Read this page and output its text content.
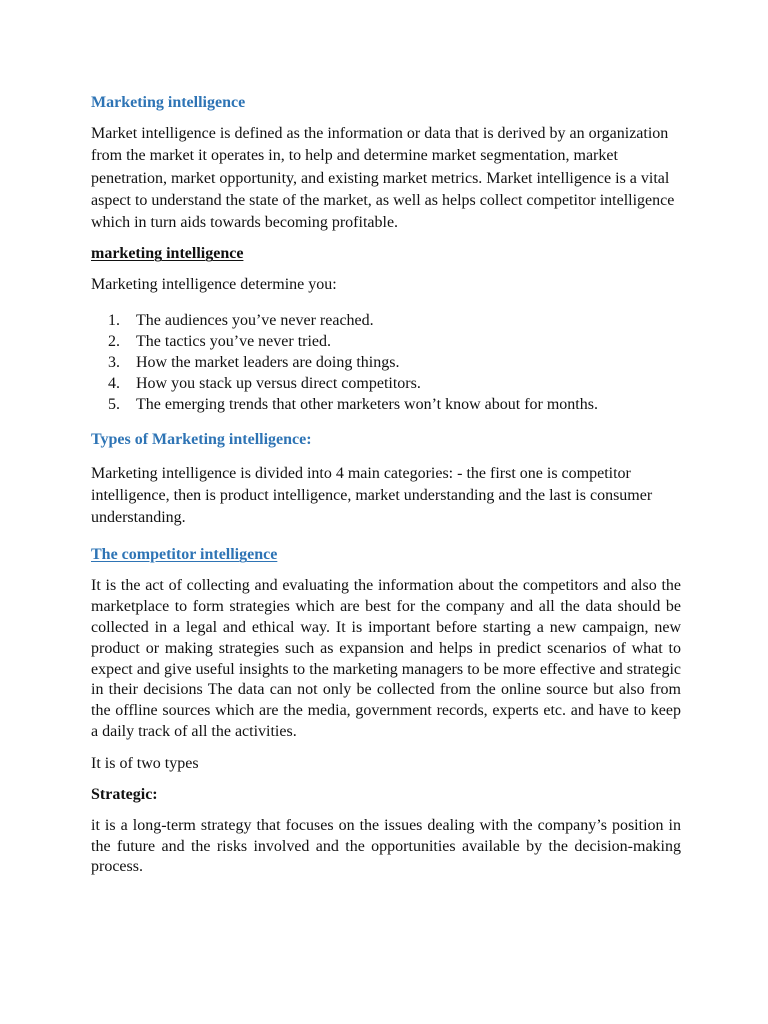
Marketing intelligence

Market intelligence is defined as the information or data that is derived by an organization from the market it operates in, to help and determine market segmentation, market penetration, market opportunity, and existing market metrics. Market intelligence is a vital aspect to understand the state of the market, as well as helps collect competitor intelligence which in turn aids towards becoming profitable.

marketing intelligence

Marketing intelligence determine you:

1. The audiences you’ve never reached.
2. The tactics you’ve never tried.
3. How the market leaders are doing things.
4. How you stack up versus direct competitors.
5. The emerging trends that other marketers won’t know about for months.
Types of Marketing intelligence:

Marketing intelligence is divided into 4 main categories: - the first one is competitor intelligence, then is product intelligence, market understanding and the last is consumer understanding.

The competitor intelligence

It is the act of collecting and evaluating the information about the competitors and also the marketplace to form strategies which are best for the company and all the data should be collected in a legal and ethical way. It is important before starting a new campaign, new product or making strategies such as expansion and helps in predict scenarios of what to expect and give useful insights to the marketing managers to be more effective and strategic in their decisions The data can not only be collected from the online source but also from the offline sources which are the media, government records, experts etc. and have to keep a daily track of all the activities.

It is of two types

Strategic:

it is a long-term strategy that focuses on the issues dealing with the company’s position in the future and the risks involved and the opportunities available by the decision-making process.
